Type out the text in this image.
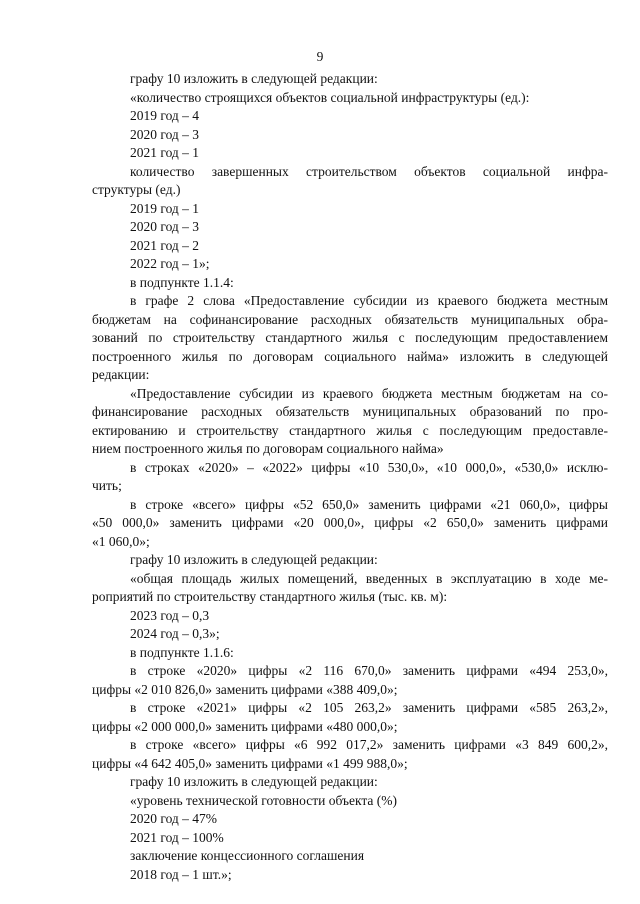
9
графу 10 изложить в следующей редакции:
«количество строящихся объектов социальной инфраструктуры (ед.):
2019 год – 4
2020 год – 3
2021 год – 1
количество завершенных строительством объектов социальной инфра-
структуры (ед.)
2019 год – 1
2020 год – 3
2021 год – 2
2022 год – 1»;
в подпункте 1.1.4:
в графе 2 слова «Предоставление субсидии из краевого бюджета местным
бюджетам на софинансирование расходных обязательств муниципальных обра-
зований по строительству стандартного жилья с последующим предоставлением
построенного жилья по договорам социального найма» изложить в следующей
редакции:
«Предоставление субсидии из краевого бюджета местным бюджетам на со-
финансирование расходных обязательств муниципальных образований по про-
ектированию и строительству стандартного жилья с последующим предоставле-
нием построенного жилья по договорам социального найма»
в строках «2020» – «2022» цифры «10 530,0», «10 000,0», «530,0» исклю-
чить;
в строке «всего» цифры «52 650,0» заменить цифрами «21 060,0», цифры
«50 000,0» заменить цифрами «20 000,0», цифры «2 650,0» заменить цифрами
«1 060,0»;
графу 10 изложить в следующей редакции:
«общая площадь жилых помещений, введенных в эксплуатацию в ходе ме-
роприятий по строительству стандартного жилья (тыс. кв. м):
2023 год – 0,3
2024 год – 0,3»;
в подпункте 1.1.6:
в строке «2020» цифры «2 116 670,0» заменить цифрами «494 253,0»,
цифры «2 010 826,0» заменить цифрами «388 409,0»;
в строке «2021» цифры «2 105 263,2» заменить цифрами «585 263,2»,
цифры «2 000 000,0» заменить цифрами «480 000,0»;
в строке «всего» цифры «6 992 017,2» заменить цифрами «3 849 600,2»,
цифры «4 642 405,0» заменить цифрами «1 499 988,0»;
графу 10 изложить в следующей редакции:
«уровень технической готовности объекта (%)
2020 год – 47%
2021 год – 100%
заключение концессионного соглашения
2018 год – 1 шт.»;
